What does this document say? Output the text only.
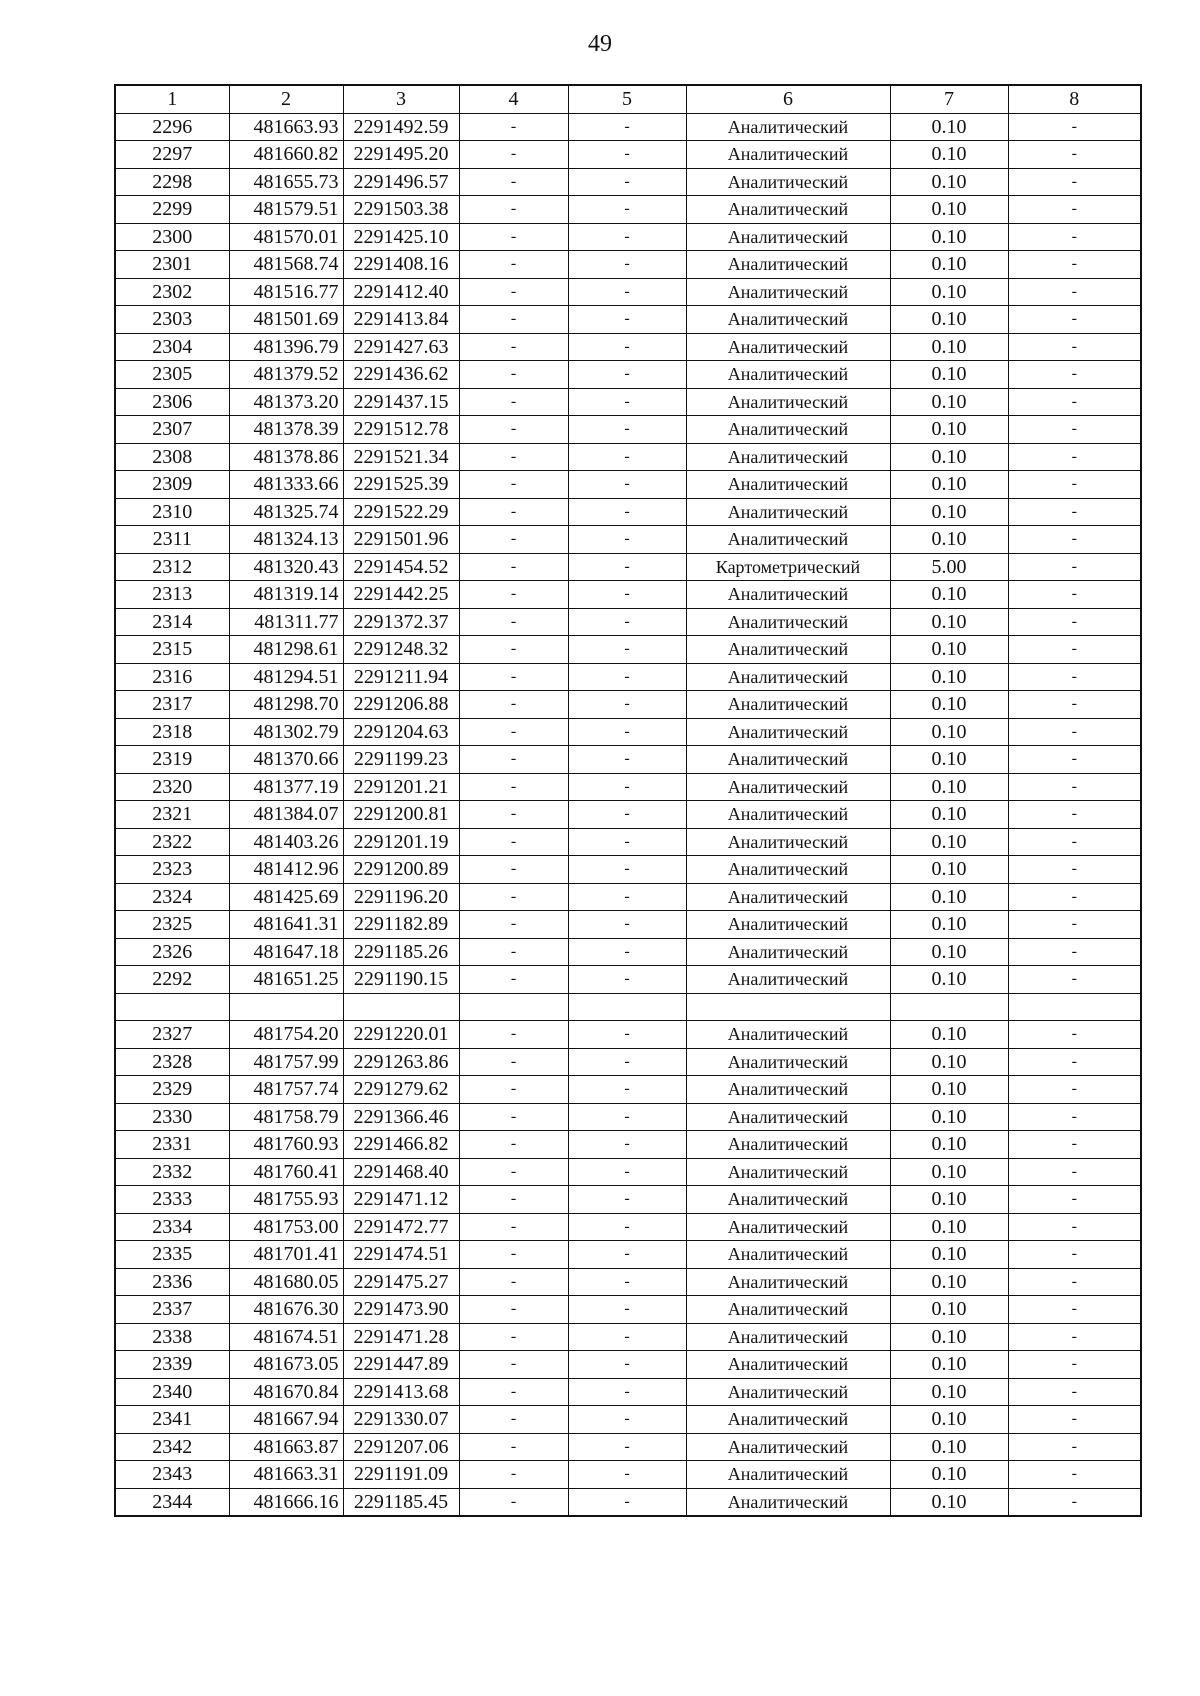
49
1	2	3	4	5	6	7	8
2296	481663.93	2291492.59	-	-	Аналитический	0.10	-
2297	481660.82	2291495.20	-	-	Аналитический	0.10	-
2298	481655.73	2291496.57	-	-	Аналитический	0.10	-
2299	481579.51	2291503.38	-	-	Аналитический	0.10	-
2300	481570.01	2291425.10	-	-	Аналитический	0.10	-
2301	481568.74	2291408.16	-	-	Аналитический	0.10	-
2302	481516.77	2291412.40	-	-	Аналитический	0.10	-
2303	481501.69	2291413.84	-	-	Аналитический	0.10	-
2304	481396.79	2291427.63	-	-	Аналитический	0.10	-
2305	481379.52	2291436.62	-	-	Аналитический	0.10	-
2306	481373.20	2291437.15	-	-	Аналитический	0.10	-
2307	481378.39	2291512.78	-	-	Аналитический	0.10	-
2308	481378.86	2291521.34	-	-	Аналитический	0.10	-
2309	481333.66	2291525.39	-	-	Аналитический	0.10	-
2310	481325.74	2291522.29	-	-	Аналитический	0.10	-
2311	481324.13	2291501.96	-	-	Аналитический	0.10	-
2312	481320.43	2291454.52	-	-	Картометрический	5.00	-
2313	481319.14	2291442.25	-	-	Аналитический	0.10	-
2314	481311.77	2291372.37	-	-	Аналитический	0.10	-
2315	481298.61	2291248.32	-	-	Аналитический	0.10	-
2316	481294.51	2291211.94	-	-	Аналитический	0.10	-
2317	481298.70	2291206.88	-	-	Аналитический	0.10	-
2318	481302.79	2291204.63	-	-	Аналитический	0.10	-
2319	481370.66	2291199.23	-	-	Аналитический	0.10	-
2320	481377.19	2291201.21	-	-	Аналитический	0.10	-
2321	481384.07	2291200.81	-	-	Аналитический	0.10	-
2322	481403.26	2291201.19	-	-	Аналитический	0.10	-
2323	481412.96	2291200.89	-	-	Аналитический	0.10	-
2324	481425.69	2291196.20	-	-	Аналитический	0.10	-
2325	481641.31	2291182.89	-	-	Аналитический	0.10	-
2326	481647.18	2291185.26	-	-	Аналитический	0.10	-
2292	481651.25	2291190.15	-	-	Аналитический	0.10	-

2327	481754.20	2291220.01	-	-	Аналитический	0.10	-
2328	481757.99	2291263.86	-	-	Аналитический	0.10	-
2329	481757.74	2291279.62	-	-	Аналитический	0.10	-
2330	481758.79	2291366.46	-	-	Аналитический	0.10	-
2331	481760.93	2291466.82	-	-	Аналитический	0.10	-
2332	481760.41	2291468.40	-	-	Аналитический	0.10	-
2333	481755.93	2291471.12	-	-	Аналитический	0.10	-
2334	481753.00	2291472.77	-	-	Аналитический	0.10	-
2335	481701.41	2291474.51	-	-	Аналитический	0.10	-
2336	481680.05	2291475.27	-	-	Аналитический	0.10	-
2337	481676.30	2291473.90	-	-	Аналитический	0.10	-
2338	481674.51	2291471.28	-	-	Аналитический	0.10	-
2339	481673.05	2291447.89	-	-	Аналитический	0.10	-
2340	481670.84	2291413.68	-	-	Аналитический	0.10	-
2341	481667.94	2291330.07	-	-	Аналитический	0.10	-
2342	481663.87	2291207.06	-	-	Аналитический	0.10	-
2343	481663.31	2291191.09	-	-	Аналитический	0.10	-
2344	481666.16	2291185.45	-	-	Аналитический	0.10	-
